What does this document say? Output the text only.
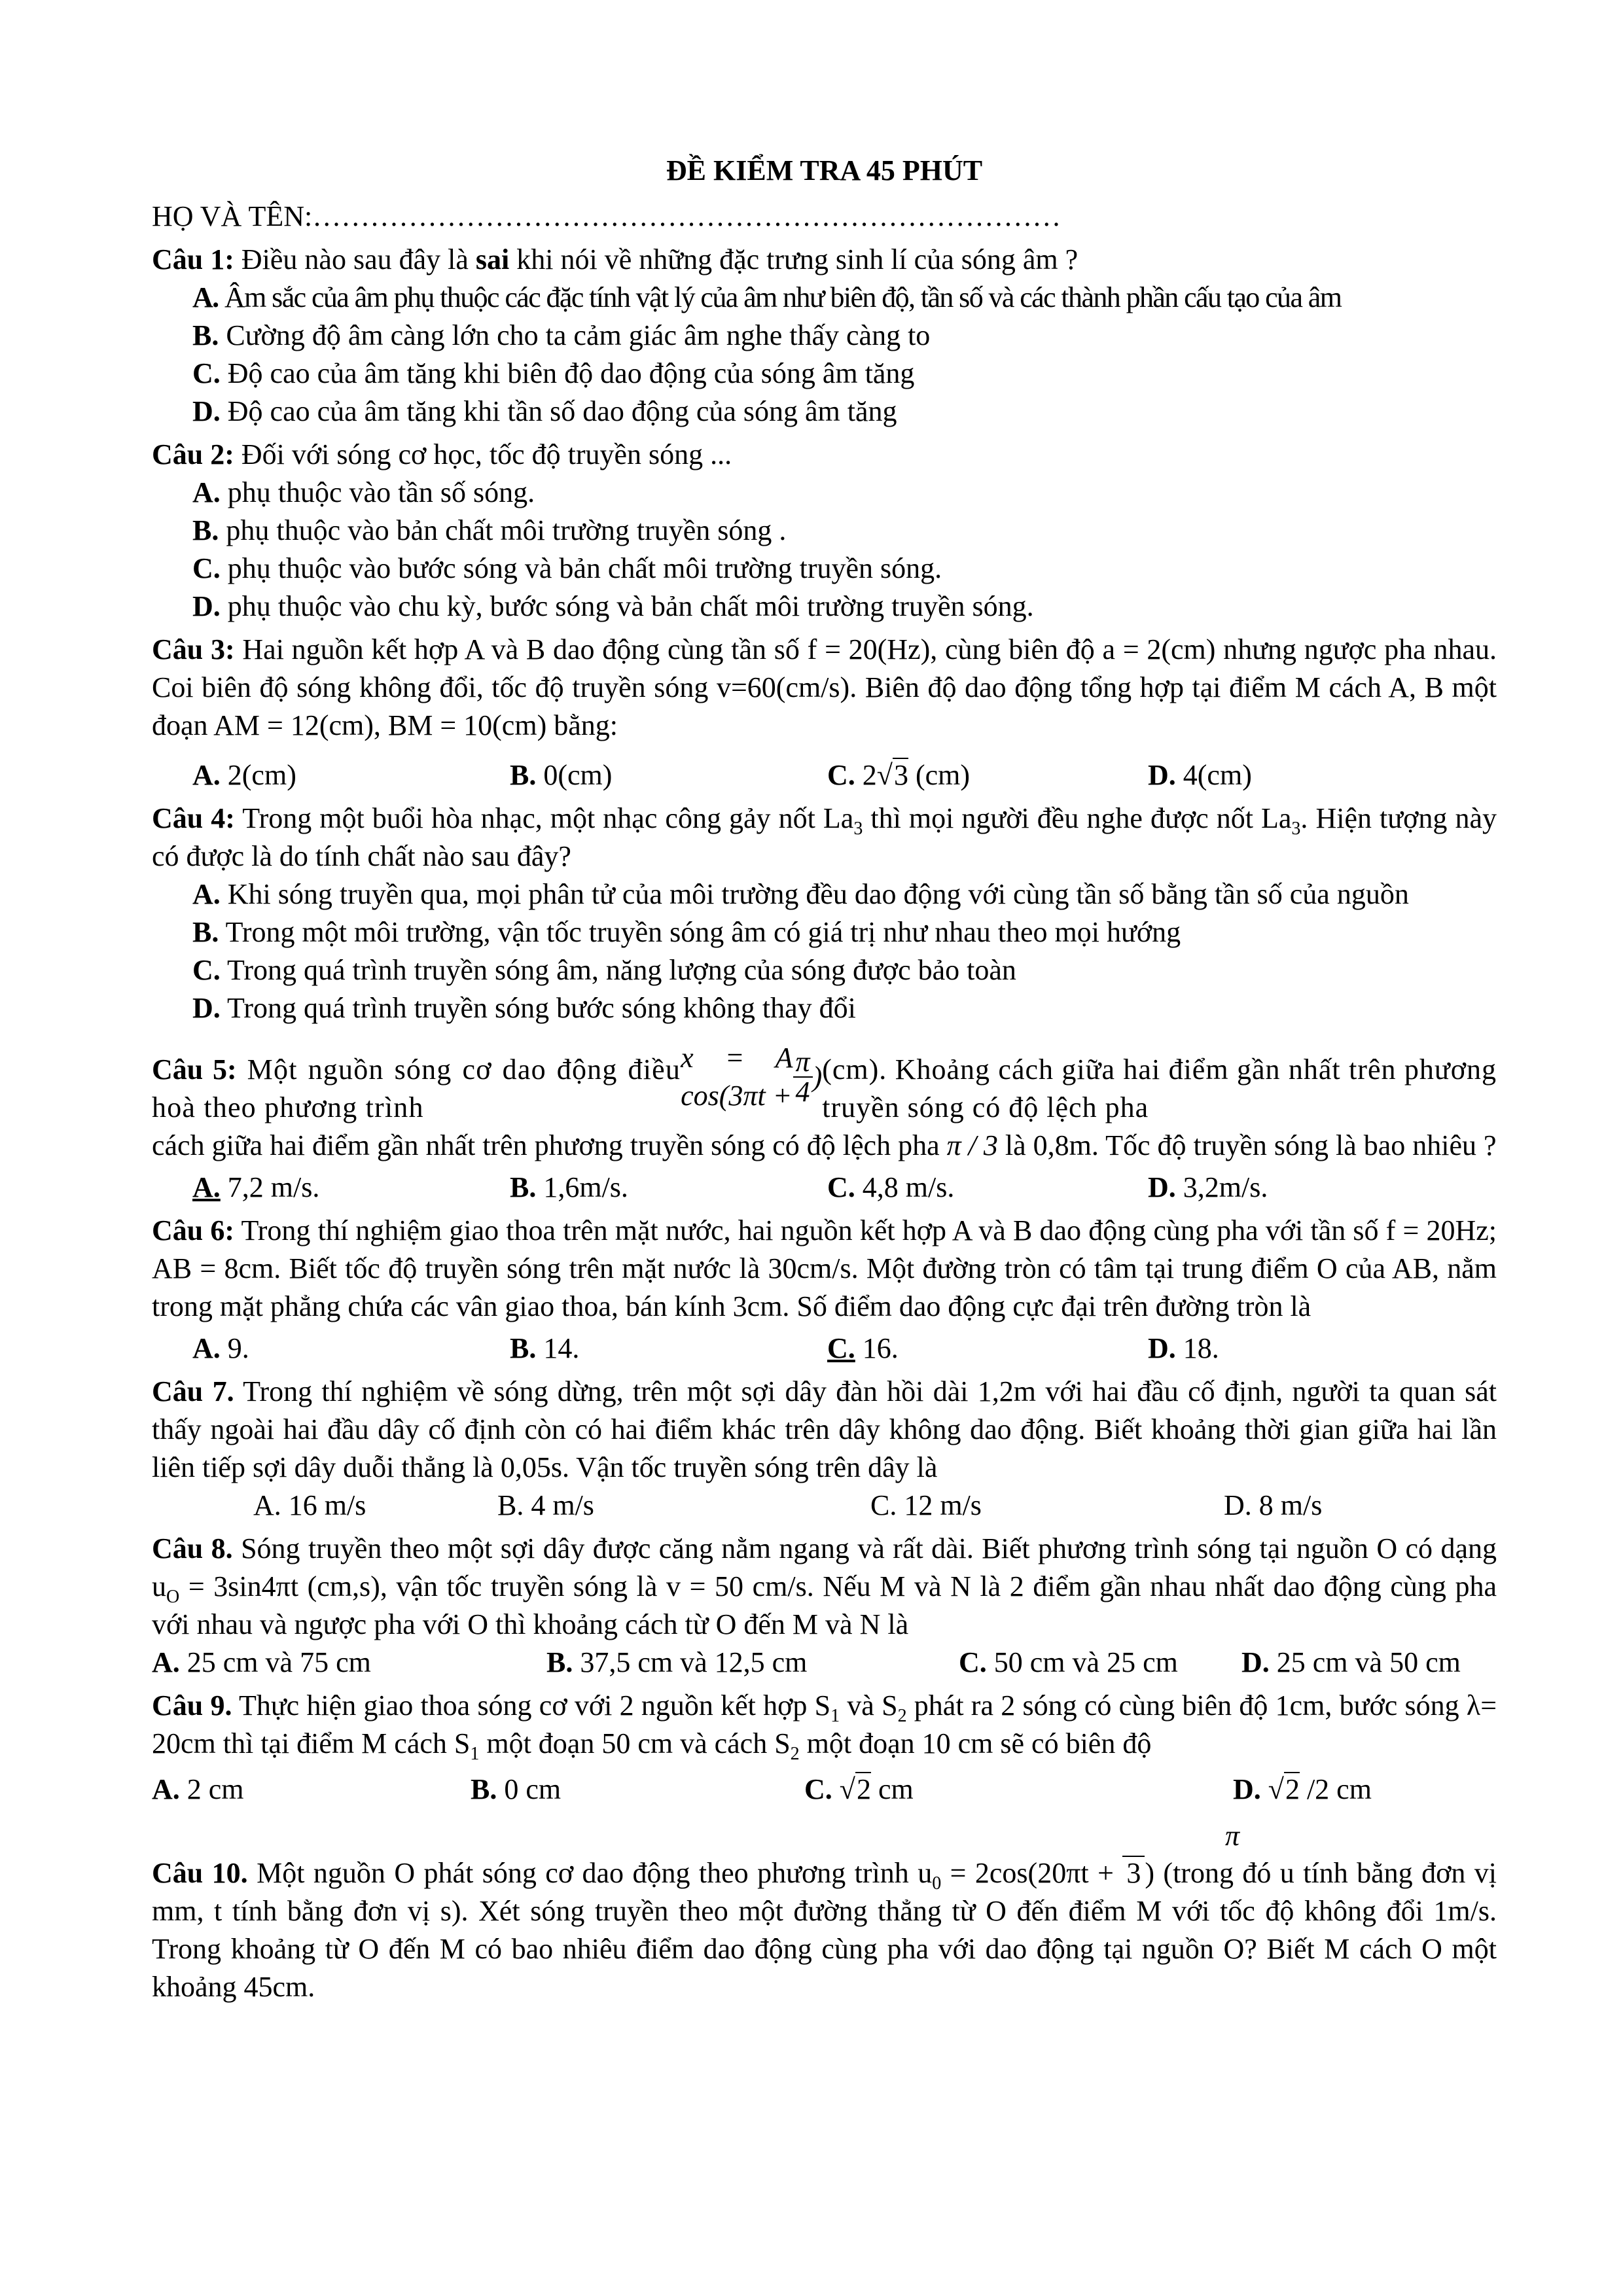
ĐỀ KIỂM TRA 45 PHÚT
HỌ VÀ TÊN:……………………………………………………………………
Câu 1: Điều nào sau đây là sai khi nói về những đặc trưng sinh lí của sóng âm ?
A. Âm sắc của âm phụ thuộc các đặc tính vật lý của âm như biên độ, tần số và các thành phần cấu tạo của âm
B. Cường độ âm càng lớn cho ta cảm giác âm nghe thấy càng to
C. Độ cao của âm tăng khi biên độ dao động của sóng âm tăng
D. Độ cao của âm tăng khi tần số dao động của sóng âm tăng
Câu 2: Đối với sóng cơ học, tốc độ truyền sóng ...
A. phụ thuộc vào tần số sóng.
B. phụ thuộc vào bản chất môi trường truyền sóng .
C. phụ thuộc vào bước sóng và bản chất môi trường truyền sóng.
D. phụ thuộc vào chu kỳ, bước sóng và bản chất môi trường truyền sóng.
Câu 3: Hai nguồn kết hợp A và B dao động cùng tần số f = 20(Hz), cùng biên độ a = 2(cm) nhưng ngược pha nhau. Coi biên độ sóng không đổi, tốc độ truyền sóng v=60(cm/s). Biên độ dao động tổng hợp tại điểm M cách A, B một đoạn AM = 12(cm), BM = 10(cm) bằng:
A. 2(cm)	B. 0(cm)	C. 2√3 (cm)	D. 4(cm)
Câu 4: Trong một buổi hòa nhạc, một nhạc công gảy nốt $La_3$ thì mọi người đều nghe được nốt $La_3$. Hiện tượng này có được là do tính chất nào sau đây?
A. Khi sóng truyền qua, mọi phân tử của môi trường đều dao động với cùng tần số bằng tần số của nguồn
B. Trong một môi trường, vận tốc truyền sóng âm có giá trị như nhau theo mọi hướng
C. Trong quá trình truyền sóng âm, năng lượng của sóng được bảo toàn
D. Trong quá trình truyền sóng bước sóng không thay đổi
Câu 5: Một nguồn sóng cơ dao động điều hoà theo phương trình
x = A $\cos(3\pi t + \frac{\pi}{4}$ ) (cm). Khoảng cách giữa hai điểm gần nhất trên phương truyền sóng có độ lệch pha
cách giữa hai điểm gần nhất trên phương truyền sóng có độ lệch pha π / 3 là 0,8m. Tốc độ truyền sóng là bao nhiêu ?
A. 7,2 m/s.	B. 1,6m/s.	C. 4,8 m/s.	D. 3,2m/s.
Câu 6: Trong thí nghiệm giao thoa trên mặt nước, hai nguồn kết hợp A và B dao động cùng pha với tần số f = 20Hz; AB = 8cm. Biết tốc độ truyền sóng trên mặt nước là 30cm/s. Một đường tròn có tâm tại trung điểm O của AB, nằm trong mặt phẳng chứa các vân giao thoa, bán kính 3cm. Số điểm dao động cực đại trên đường tròn là
A. 9.	B. 14.	C. 16.	D. 18.
Câu 7. Trong thí nghiệm về sóng dừng, trên một sợi dây đàn hồi dài 1,2m với hai đầu cố định, người ta quan sát thấy ngoài hai đầu dây cố định còn có hai điểm khác trên dây không dao động. Biết khoảng thời gian giữa hai lần liên tiếp sợi dây duỗi thẳng là 0,05s. Vận tốc truyền sóng trên dây là
A. 16 m/s	B. 4 m/s	C. 12 m/s	D. 8 m/s
Câu 8. Sóng truyền theo một sợi dây được căng nằm ngang và rất dài. Biết phương trình sóng tại nguồn O có dạng $u_O = 3\sin 4\pi t$ (cm,s), vận tốc truyền sóng là v = 50 cm/s. Nếu M và N là 2 điểm gần nhau nhất dao động cùng pha với nhau và ngược pha với O thì khoảng cách từ O đến M và N là
A. 25 cm và 75 cm	B. 37,5 cm và 12,5 cm	C. 50 cm và 25 cm	D. 25 cm và 50 cm
Câu 9. Thực hiện giao thoa sóng cơ với 2 nguồn kết hợp $S_1$ và $S_2$ phát ra 2 sóng có cùng biên độ 1cm, bước sóng λ= 20cm thì tại điểm M cách $S_1$ một đoạn 50 cm và cách $S_2$ một đoạn 10 cm sẽ có biên độ
A. 2 cm	B. 0 cm	C. √2 cm	D. √2 /2 cm
π
Câu 10. Một nguồn O phát sóng cơ dao động theo phương trình $u_0 = 2\cos(20\pi t + 3$ ) (trong đó u tính bằng đơn vị mm, t tính bằng đơn vị s). Xét sóng truyền theo một đường thẳng từ O đến điểm M với tốc độ không đổi 1m/s. Trong khoảng từ O đến M có bao nhiêu điểm dao động cùng pha với dao động tại nguồn O? Biết M cách O một khoảng 45cm.
